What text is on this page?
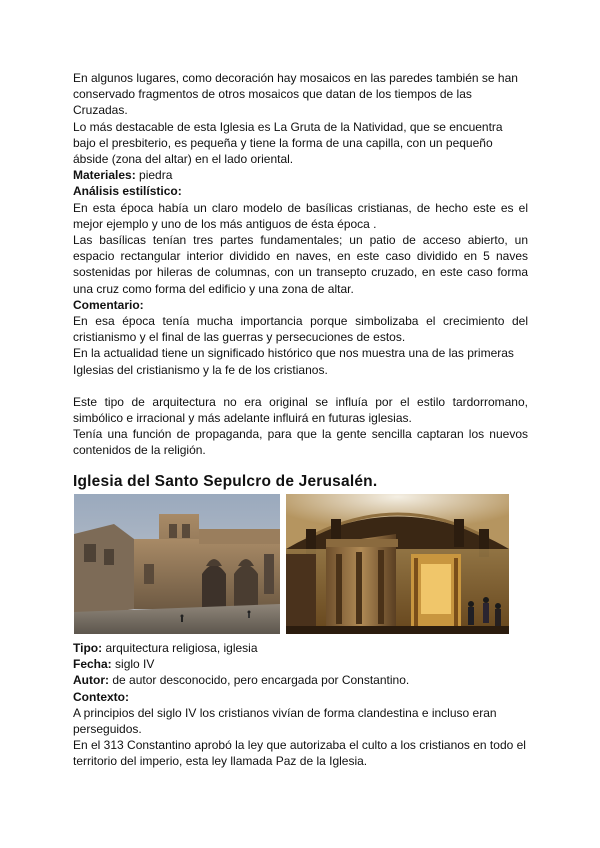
En algunos lugares, como decoración hay mosaicos en las paredes también se han conservado fragmentos de otros mosaicos que datan de los tiempos de las Cruzadas.

Lo más destacable de esta Iglesia es La Gruta de la Natividad, que se encuentra bajo el presbiterio, es pequeña y tiene la forma de una capilla, con un pequeño ábside (zona del altar) en el lado oriental.

Materiales: piedra

Análisis estilístico:

En esta época había un claro modelo de basílicas cristianas, de hecho este es el mejor ejemplo y uno de los más antiguos de ésta época .

Las basílicas tenían tres partes fundamentales; un patio de acceso abierto, un espacio rectangular interior dividido en naves, en este caso dividido en 5 naves sostenidas por hileras de columnas, con un transepto cruzado, en este caso forma una cruz como forma del edificio y una zona de altar.

Comentario:

En esa época tenía mucha importancia porque simbolizaba el crecimiento del cristianismo y el final de las guerras y persecuciones de estos.

En la actualidad tiene un significado histórico que nos muestra una de las primeras Iglesias del cristianismo y la fe de los cristianos.

Este tipo de arquitectura no era original se influía por el estilo tardorromano, simbólico e irracional y más adelante influirá en futuras iglesias.

Tenía una función de propaganda, para que la gente sencilla captaran los nuevos contenidos de la religión.

Iglesia del Santo Sepulcro de Jerusalén.

Tipo: arquitectura religiosa, iglesia

Fecha: siglo IV

Autor: de autor desconocido, pero encargada por Constantino.

Contexto:

A principios del siglo IV los cristianos vivían de forma clandestina e incluso eran perseguidos.

En el 313 Constantino aprobó la ley que autorizaba el culto a los cristianos en todo el territorio del imperio, esta ley llamada Paz de la Iglesia.
